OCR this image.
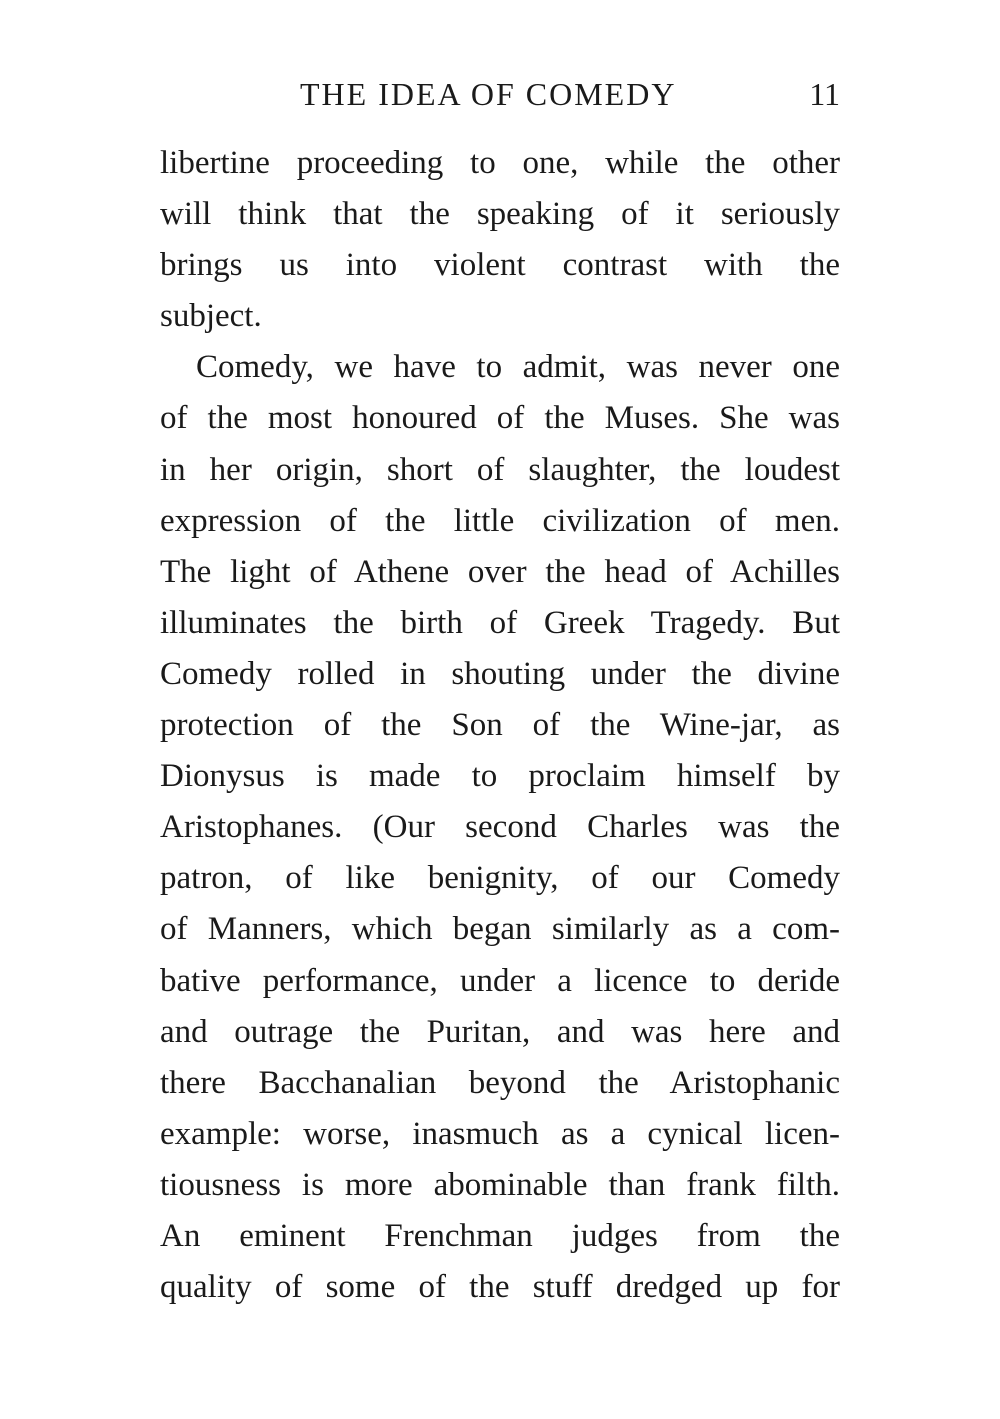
THE IDEA OF COMEDY	11
libertine proceeding to one, while the other
will think that the speaking of it seriously
brings us into violent contrast with the
subject.
Comedy, we have to admit, was never one
of the most honoured of the Muses. She was
in her origin, short of slaughter, the loudest
expression of the little civilization of men.
The light of Athene over the head of Achilles
illuminates the birth of Greek Tragedy. But
Comedy rolled in shouting under the divine
protection of the Son of the Wine-jar, as
Dionysus is made to proclaim himself by
Aristophanes. (Our second Charles was the
patron, of like benignity, of our Comedy
of Manners, which began similarly as a com-
bative performance, under a licence to deride
and outrage the Puritan, and was here and
there Bacchanalian beyond the Aristophanic
example: worse, inasmuch as a cynical licen-
tiousness is more abominable than frank filth.
An eminent Frenchman judges from the
quality of some of the stuff dredged up for
